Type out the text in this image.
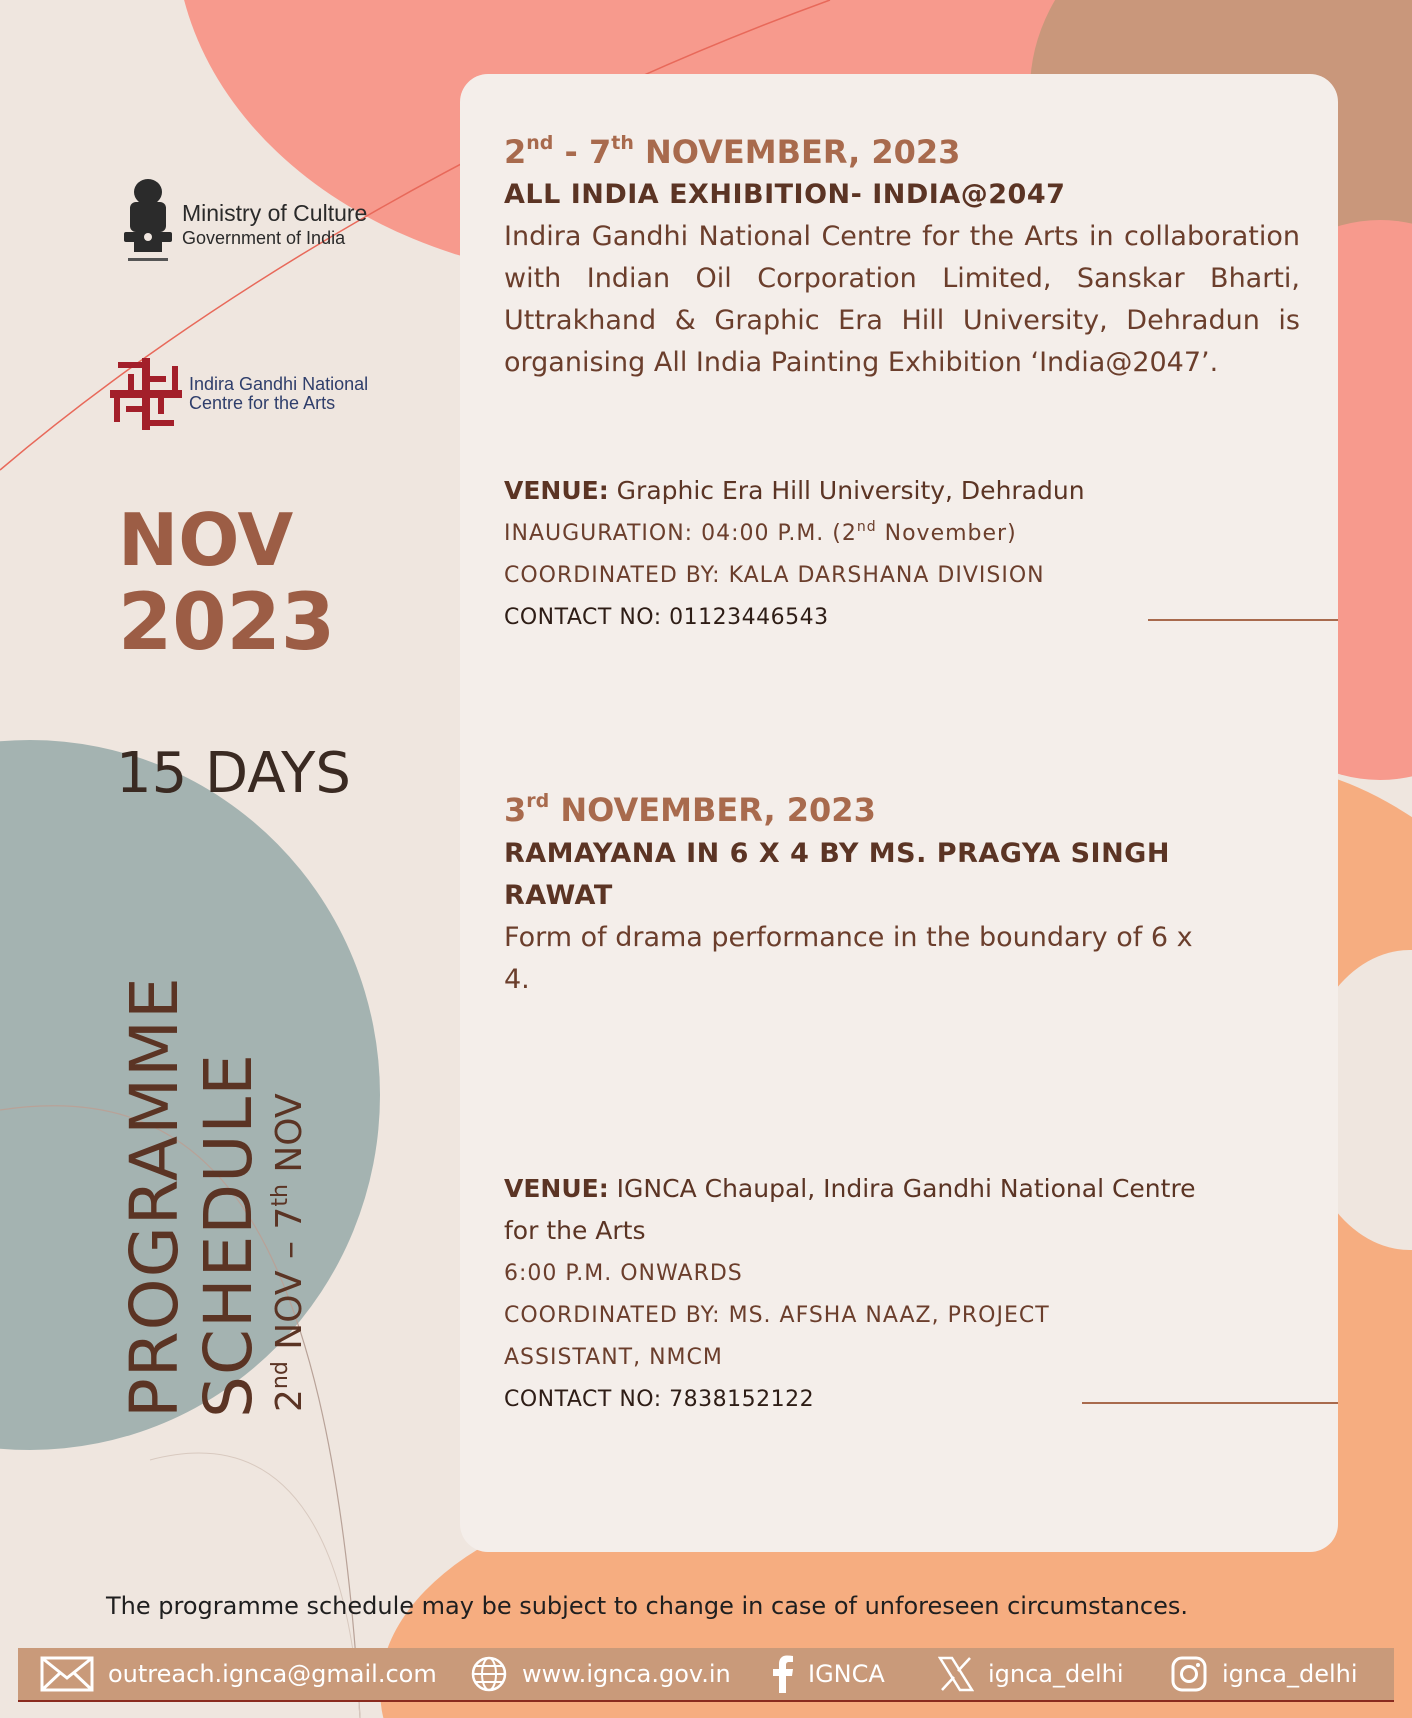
Ministry of Culture
Government of India
Indira Gandhi National
Centre for the Arts
NOV
2023
15 DAYS
PROGRAMME
SCHEDULE 2nd NOV – 7th NOV
2nd - 7th NOVEMBER, 2023
ALL INDIA EXHIBITION- INDIA@2047
Indira Gandhi National Centre for the Arts in collaboration with Indian Oil Corporation Limited, Sanskar Bharti, Uttrakhand & Graphic Era Hill University, Dehradun is organising All India Painting Exhibition ‘India@2047’.
VENUE: Graphic Era Hill University, Dehradun
INAUGURATION: 04:00 P.M. (2nd November)
COORDINATED BY: KALA DARSHANA DIVISION
CONTACT NO: 01123446543
3rd NOVEMBER, 2023
RAMAYANA IN 6 X 4 BY MS. PRAGYA SINGH RAWAT
Form of drama performance in the boundary of 6 x 4.
VENUE: IGNCA Chaupal, Indira Gandhi National Centre for the Arts
6:00 P.M. ONWARDS
COORDINATED BY: MS. AFSHA NAAZ, PROJECT ASSISTANT, NMCM
CONTACT NO: 7838152122
The programme schedule may be subject to change in case of unforeseen circumstances.
outreach.ignca@gmail.com	www.ignca.gov.in	IGNCA	ignca_delhi	ignca_delhi
